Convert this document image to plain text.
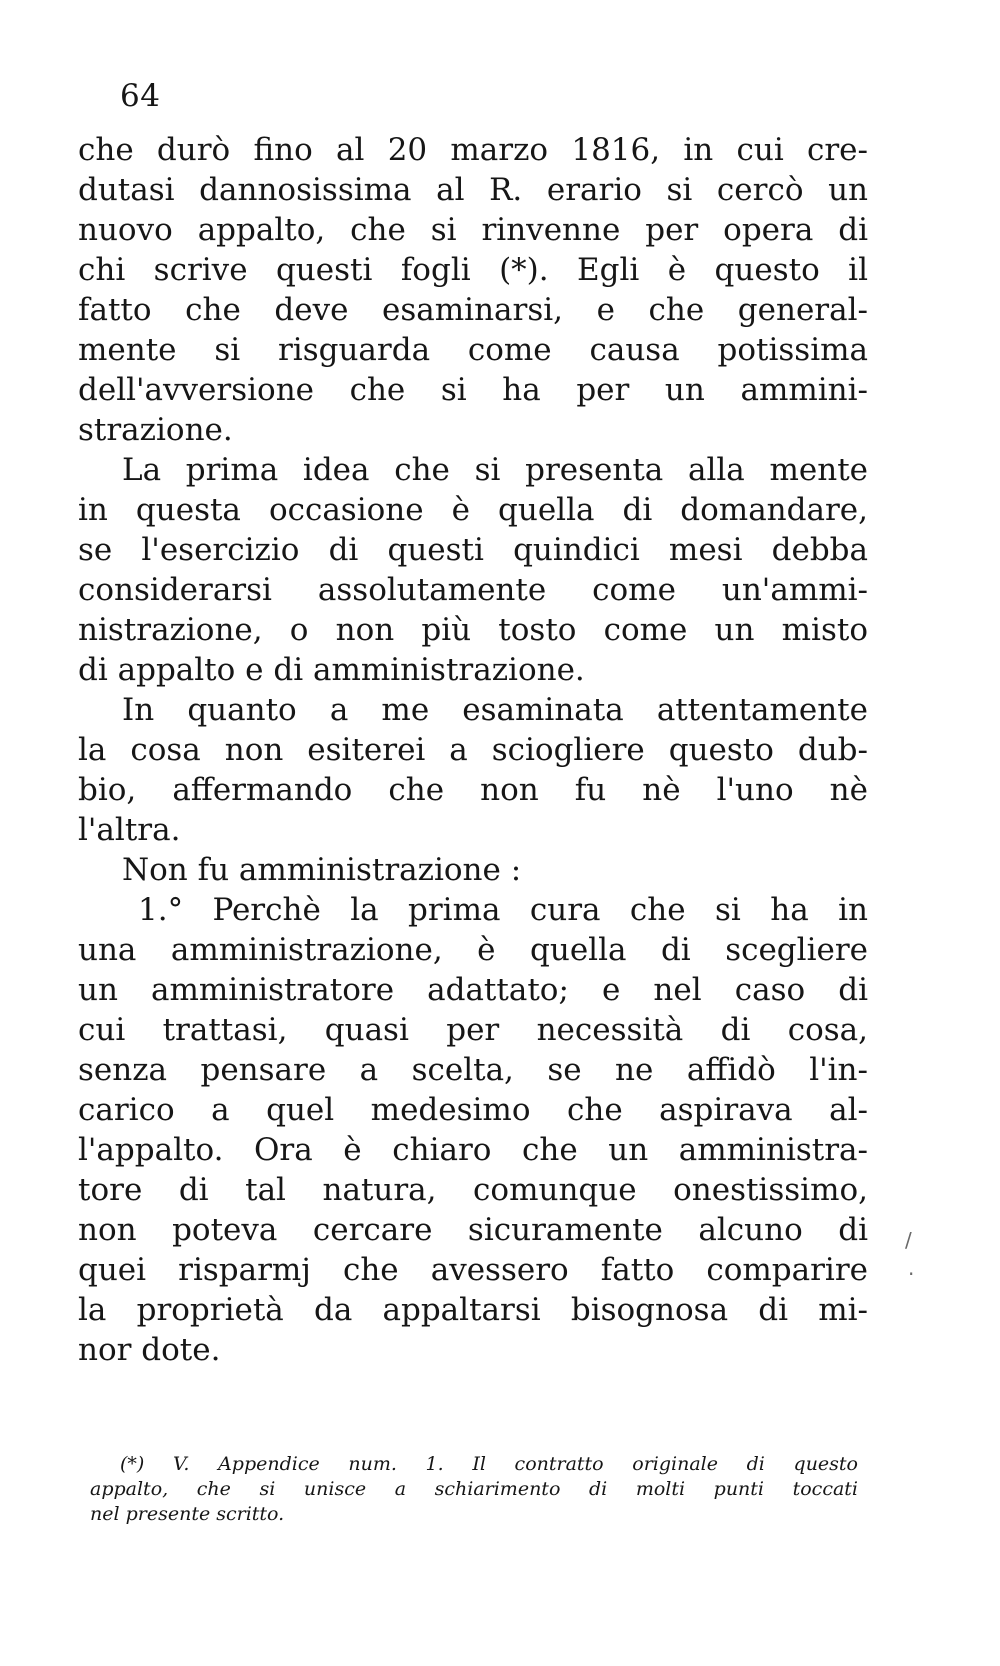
64
che durò fino al 20 marzo 1816, in cui cre-
dutasi dannosissima al R. erario si cercò un
nuovo appalto, che si rinvenne per opera di
chi scrive questi fogli (*). Egli è questo il
fatto che deve esaminarsi, e che general-
mente si risguarda come causa potissima
dell'avversione che si ha per un ammini-
strazione.
La prima idea che si presenta alla mente
in questa occasione è quella di domandare,
se l'esercizio di questi quindici mesi debba
considerarsi assolutamente come un'ammi-
nistrazione, o non più tosto come un misto
di appalto e di amministrazione.
In quanto a me esaminata attentamente
la cosa non esiterei a sciogliere questo dub-
bio, affermando che non fu nè l'uno nè
l'altra.
Non fu amministrazione :
1.° Perchè la prima cura che si ha in
una amministrazione, è quella di scegliere
un amministratore adattato; e nel caso di
cui trattasi, quasi per necessità di cosa,
senza pensare a scelta, se ne affidò l'in-
carico a quel medesimo che aspirava al-
l'appalto. Ora è chiaro che un amministra-
tore di tal natura, comunque onestissimo,
non poteva cercare sicuramente alcuno di
quei risparmj che avessero fatto comparire
la proprietà da appaltarsi bisognosa di mi-
nor dote.
(*) V. Appendice num. 1. Il contratto originale di questo
appalto, che si unisce a schiarimento di molti punti toccati
nel presente scritto.
/
·
